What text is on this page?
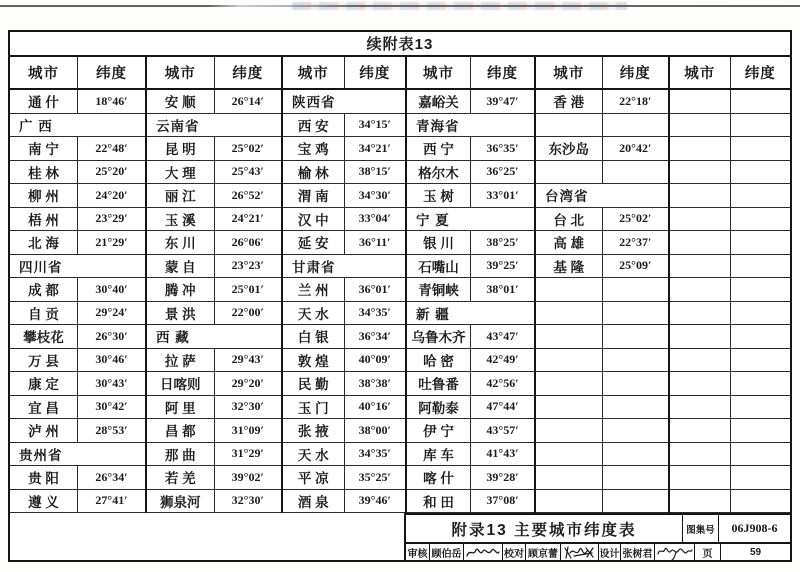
续附表13
城市	纬度
通 什	18°46′
广 西
南 宁	22°48′
桂 林	25°20′
柳 州	24°20′
梧 州	23°29′
北 海	21°29′
四川省
成 都	30°40′
自 贡	29°24′
攀枝花	26°30′
万 县	30°46′
康 定	30°43′
宜 昌	30°42′
泸 州	28°53′
贵州省
贵 阳	26°34′
遵 义	27°41′
城市	纬度
安 顺	26°14′
云南省
昆 明	25°02′
大 理	25°43′
丽 江	26°52′
玉 溪	24°21′
东 川	26°06′
蒙 自	23°23′
腾 冲	25°01′
景 洪	22°00′
西 藏
拉 萨	29°43′
日喀则	29°20′
阿 里	32°30′
昌 都	31°09′
那 曲	31°29′
若 羌	39°02′
狮泉河	32°30′
城市	纬度
陕西省
西 安	34°15′
宝 鸡	34°21′
榆 林	38°15′
渭 南	34°30′
汉 中	33°04′
延 安	36°11′
甘肃省
兰 州	36°01′
天 水	34°35′
白 银	36°34′
敦 煌	40°09′
民 勤	38°38′
玉 门	40°16′
张 掖	38°00′
天 水	34°35′
平 凉	35°25′
酒 泉	39°46′
城市	纬度
嘉峪关	39°47′
青海省
西 宁	36°35′
格尔木	36°25′
玉 树	33°01′
宁 夏
银 川	38°25′
石嘴山	39°25′
青铜峡	38°01′
新 疆
乌鲁木齐	43°47′
哈 密	42°49′
吐鲁番	42°56′
阿勒泰	47°44′
伊 宁	43°57′
库 车	41°43′
喀 什	39°28′
和 田	37°08′
城市	纬度
香 港	22°18′
东沙岛	20°42′
台湾省
台 北	25°02′
高 雄	22°37′
基 隆	25°09′
城市	纬度
附录13 主要城市纬度表	图集号	06J908-6
审核 顾伯岳	校对 顾京蕾	设计 张树君	页	59
